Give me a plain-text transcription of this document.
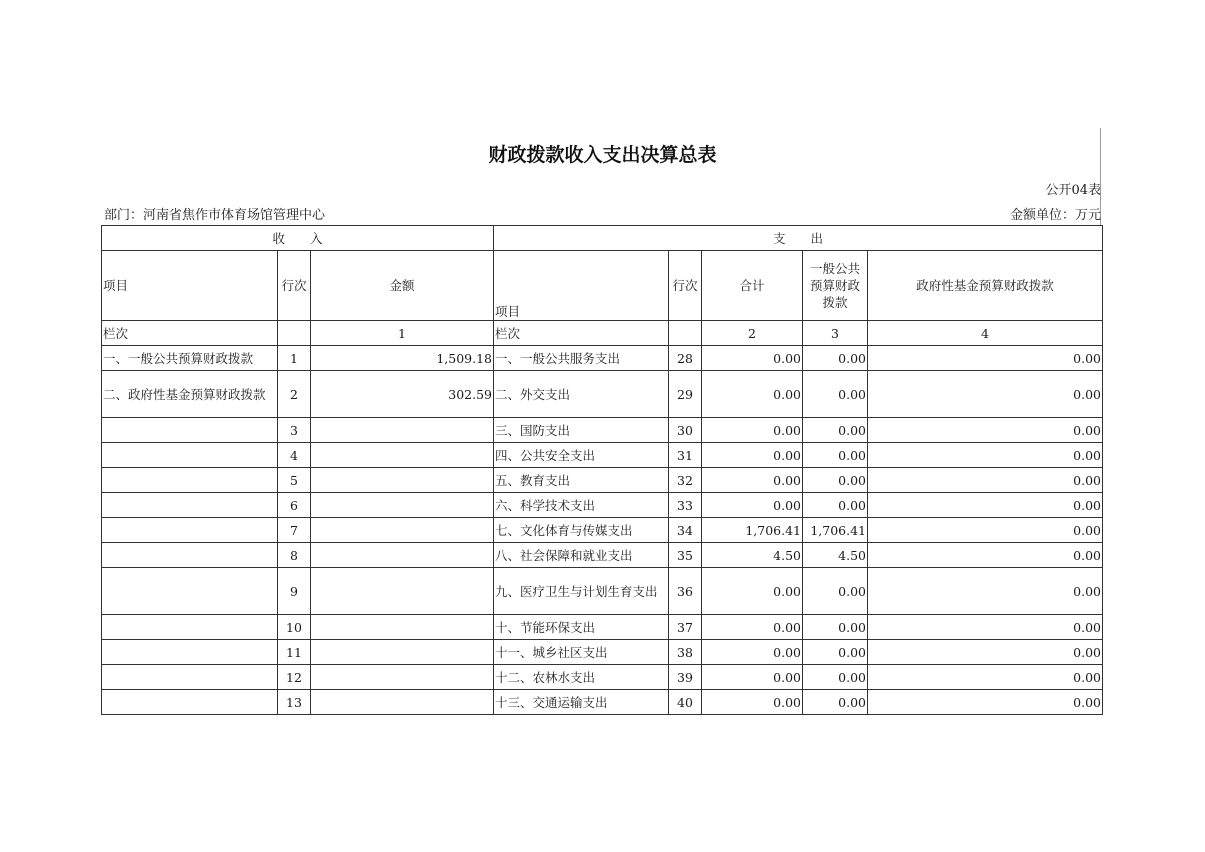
财政拨款收入支出决算总表
公开04表
部门：河南省焦作市体育场馆管理中心	金额单位：万元
收　　入			支　　出				
项目	行次	金额	项目	行次	合计	一般公共预算财政拨款	政府性基金预算财政拨款
栏次		1	栏次		2	3	4
一、一般公共预算财政拨款	1	1,509.18	一、一般公共服务支出	28	0.00	0.00	0.00
二、政府性基金预算财政拨款	2	302.59	二、外交支出	29	0.00	0.00	0.00
	3		三、国防支出	30	0.00	0.00	0.00
	4		四、公共安全支出	31	0.00	0.00	0.00
	5		五、教育支出	32	0.00	0.00	0.00
	6		六、科学技术支出	33	0.00	0.00	0.00
	7		七、文化体育与传媒支出	34	1,706.41	1,706.41	0.00
	8		八、社会保障和就业支出	35	4.50	4.50	0.00
	9		九、医疗卫生与计划生育支出	36	0.00	0.00	0.00
	10		十、节能环保支出	37	0.00	0.00	0.00
	11		十一、城乡社区支出	38	0.00	0.00	0.00
	12		十二、农林水支出	39	0.00	0.00	0.00
	13		十三、交通运输支出	40	0.00	0.00	0.00
